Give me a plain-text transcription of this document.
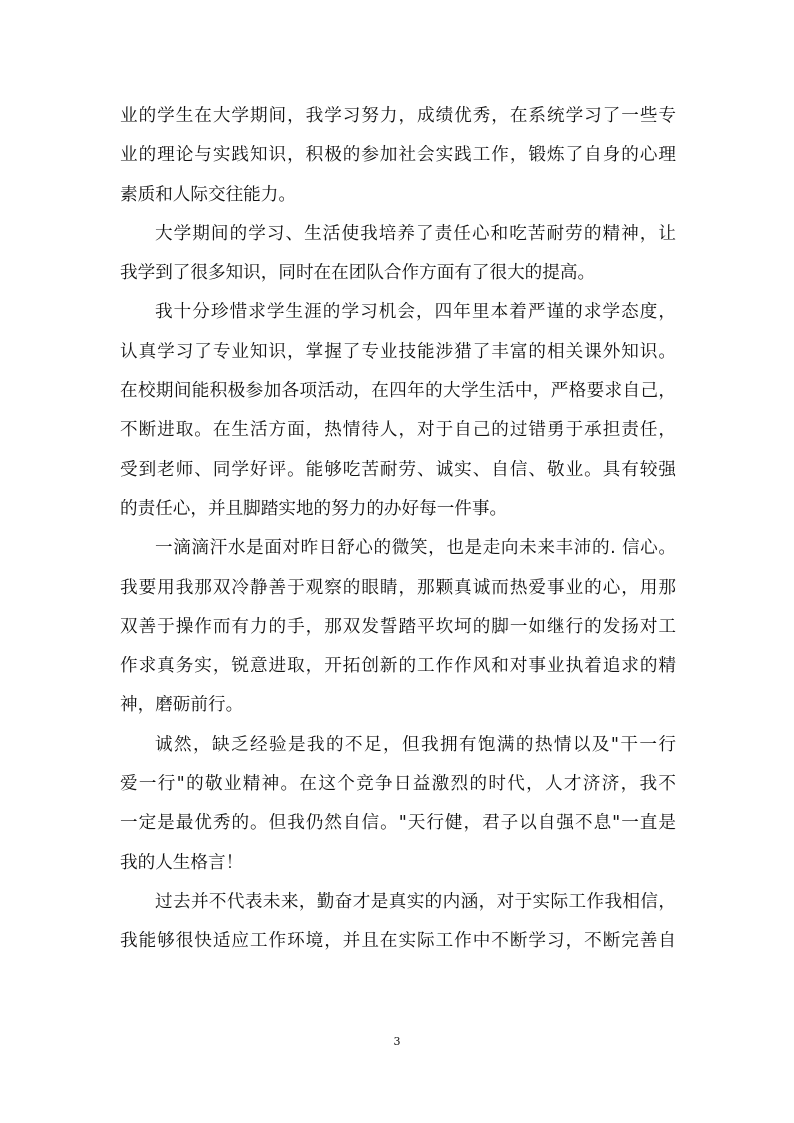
业的学生在大学期间，我学习努力，成绩优秀，在系统学习了一些专
业的理论与实践知识，积极的参加社会实践工作，锻炼了自身的心理
素质和人际交往能力。
大学期间的学习、生活使我培养了责任心和吃苦耐劳的精神，让
我学到了很多知识，同时在在团队合作方面有了很大的提高。
我十分珍惜求学生涯的学习机会，四年里本着严谨的求学态度，
认真学习了专业知识，掌握了专业技能涉猎了丰富的相关课外知识。
在校期间能积极参加各项活动，在四年的大学生活中，严格要求自己，
不断进取。在生活方面，热情待人，对于自己的过错勇于承担责任，
受到老师、同学好评。能够吃苦耐劳、诚实、自信、敬业。具有较强
的责任心，并且脚踏实地的努力的办好每一件事。
一滴滴汗水是面对昨日舒心的微笑，也是走向未来丰沛的. 信心。
我要用我那双冷静善于观察的眼睛，那颗真诚而热爱事业的心，用那
双善于操作而有力的手，那双发誓踏平坎坷的脚一如继行的发扬对工
作求真务实，锐意进取，开拓创新的工作作风和对事业执着追求的精
神，磨砺前行。
诚然，缺乏经验是我的不足，但我拥有饱满的热情以及"干一行
爱一行"的敬业精神。在这个竞争日益激烈的时代，人才济济，我不
一定是最优秀的。但我仍然自信。"天行健，君子以自强不息"一直是
我的人生格言！
过去并不代表未来，勤奋才是真实的内涵，对于实际工作我相信，
我能够很快适应工作环境，并且在实际工作中不断学习，不断完善自
3
